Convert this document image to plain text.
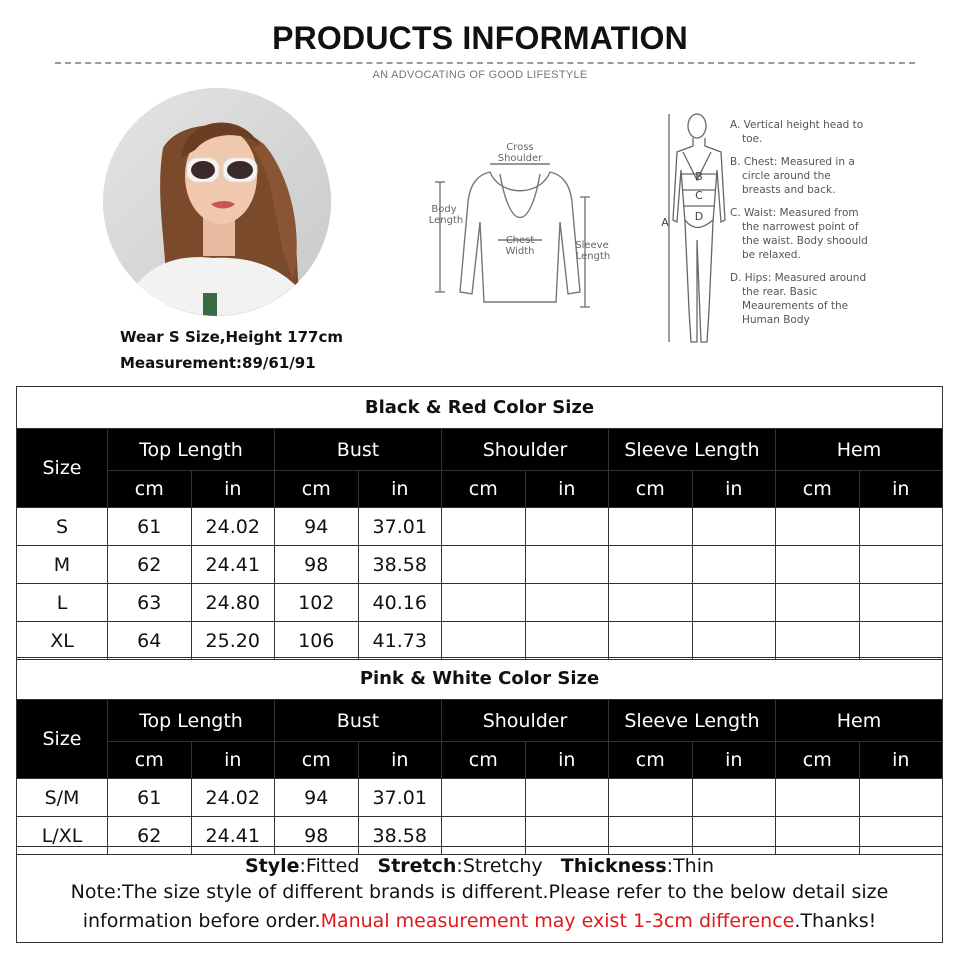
PRODUCTS INFORMATION
AN ADVOCATING OF GOOD LIFESTYLE
Wear S Size,Height 177cm
Measurement:89/61/91
Cross
Shoulder
Body
Length
Chest
Width
Sleeve
Length
A
B
C
D
A. Vertical height head to toe.
B. Chest: Measured in a circle around the breasts and back.
C. Waist: Measured from the narrowest point of the waist. Body shoould be relaxed.
D. Hips: Measured around the rear. Basic Meaurements of the Human Body
Black & Red Color Size										
Size	Top Length		Bust		Shoulder		Sleeve Length		Hem	
	cm	in	cm	in	cm	in	cm	in	cm	in
S	61	24.02	94	37.01						
M	62	24.41	98	38.58						
L	63	24.80	102	40.16						
XL	64	25.20	106	41.73						
Pink & White Color Size										
Size	Top Length		Bust		Shoulder		Sleeve Length		Hem	
	cm	in	cm	in	cm	in	cm	in	cm	in
S/M	61	24.02	94	37.01						
L/XL	62	24.41	98	38.58						
Style:Fitted Stretch:Stretchy Thickness:Thin
Note:The size style of different brands is different.Please refer to the below detail size
information before order.Manual measurement may exist 1-3cm difference.Thanks!
